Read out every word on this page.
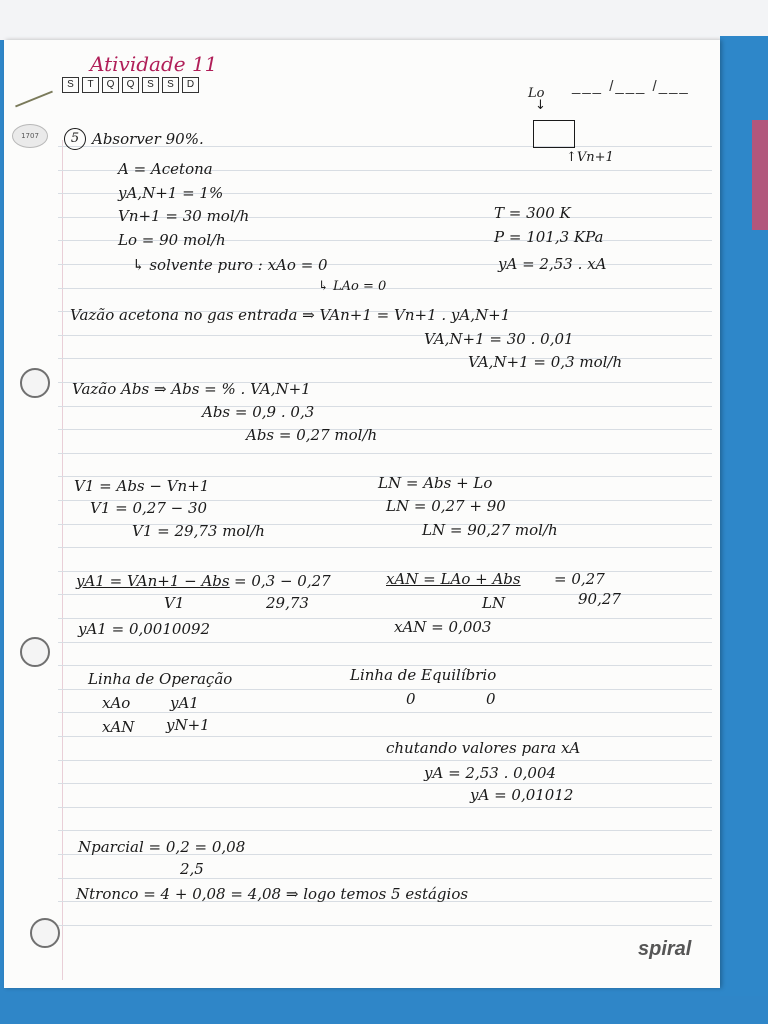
1707
Atividade 11
S	T	Q	Q	S	S	D	___ /___ /___
Lo
↓
↑Vn+1
5 Absorver 90%.
A = Acetona
yA,N+1 = 1%
Vn+1 = 30 mol/h
Lo = 90 mol/h
↳ solvente puro : xAo = 0
↳ LAo = 0
T = 300 K
P = 101,3 KPa
yA = 2,53 . xA
Vazão acetona no gas entrada ⇒ VAn+1 = Vn+1 . yA,N+1
VA,N+1 = 30 . 0,01
VA,N+1 = 0,3 mol/h
Vazão Abs ⇒ Abs = % . VA,N+1
Abs = 0,9 . 0,3
Abs = 0,27 mol/h
V1 = Abs − Vn+1
V1 = 0,27 − 30
V1 = 29,73 mol/h
LN = Abs + Lo
LN = 0,27 + 90
LN = 90,27 mol/h
yA1 = VAn+1 − Abs = 0,3 − 0,27
V1	29,73
xAN = LAo + Abs = 0,27
LN	90,27
yA1 = 0,0010092	xAN = 0,003
Linha de Operação	Linha de Equilíbrio
xAo	yA1
xAN yN+1
0	0
chutando valores para xA
yA = 2,53 . 0,004
yA = 0,01012
Nparcial = 0,2 = 0,08
2,5
Ntronco = 4 + 0,08 = 4,08 ⇒ logo temos 5 estágios
spiral
